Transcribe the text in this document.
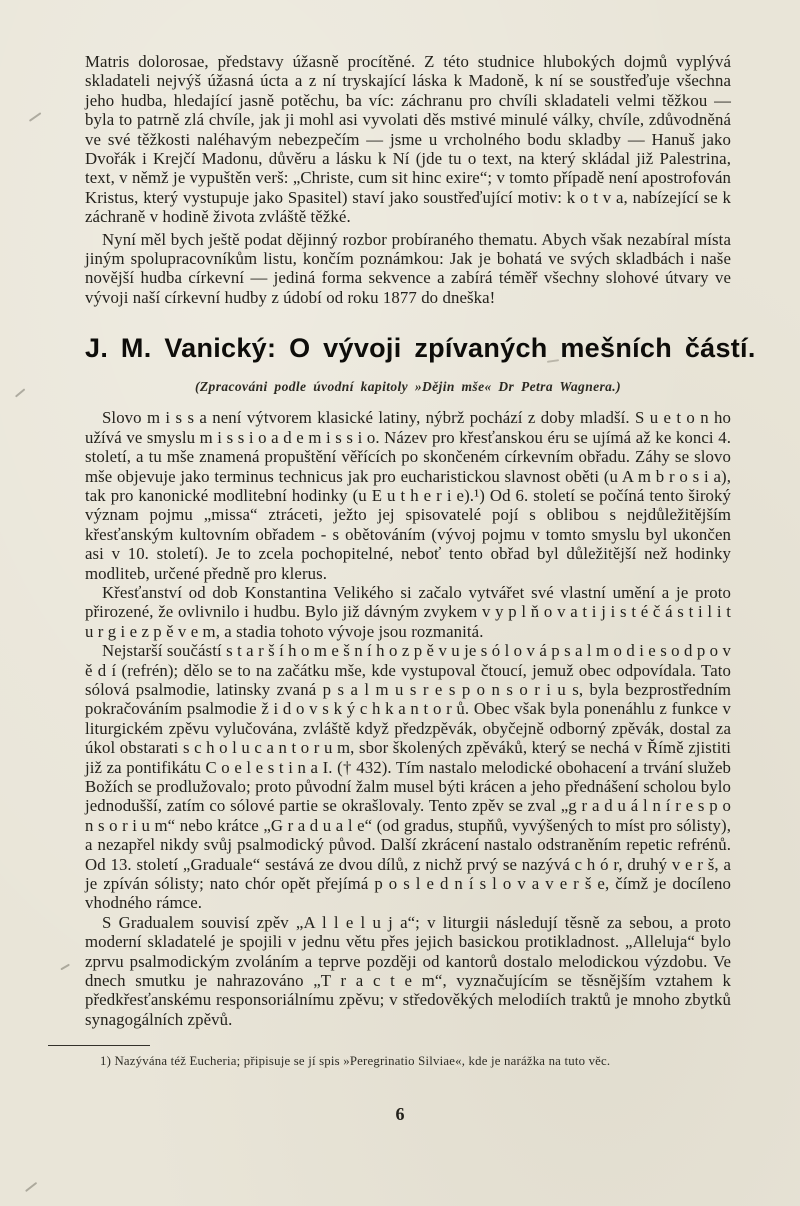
Matris dolorosae, představy úžasně procítěné. Z této studnice hlubokých dojmů vyplývá skladateli nejvýš úžasná úcta a z ní tryskající láska k Madoně, k ní se soustřeďuje všechna jeho hudba, hledající jasně potěchu, ba víc: záchranu pro chvíli skladateli velmi těžkou — byla to patrně zlá chvíle, jak ji mohl asi vyvolati děs mstivé minulé války, chvíle, zdůvodněná ve své těžkosti naléhavým nebezpečím — jsme u vrcholného bodu skladby — Hanuš jako Dvořák i Krejčí Madonu, důvěru a lásku k Ní (jde tu o text, na který skládal již Palestrina, text, v němž je vypuštěn verš: „Christe, cum sit hinc exire“; v tomto případě není apostrofován Kristus, který vystupuje jako Spasitel) staví jako soustřeďující motiv: k o t v a, nabízející se k záchraně v hodině života zvláště těžké.

Nyní měl bych ještě podat dějinný rozbor probíraného thematu. Abych však nezabíral místa jiným spolupracovníkům listu, končím poznámkou: Jak je bohatá ve svých skladbách i naše novější hudba církevní — jediná forma sekvence a zabírá téměř všechny slohové útvary ve vývoji naší církevní hudby z údobí od roku 1877 do dneška!

J. M. Vanický: O vývoji zpívaných mešních částí.
(Zpracováni podle úvodní kapitoly »Dějin mše« Dr Petra Wagnera.)

Slovo m i s s a není výtvorem klasické latiny, nýbrž pochází z doby mladší. S u e t o n ho užívá ve smyslu m i s s i o a d e m i s s i o. Název pro křesťanskou éru se ujímá až ke konci 4. století, a tu mše znamená propuštění věřících po skončeném církevním obřadu. Záhy se slovo mše objevuje jako terminus technicus jak pro eucharistickou slavnost oběti (u A m b r o s i a), tak pro kanonické modlitební hodinky (u E u t h e r i e).¹) Od 6. století se počíná tento široký význam pojmu „missa“ ztráceti, ježto jej spisovatelé pojí s oblibou s nejdůležitějším křesťanským kultovním obřadem - s obětováním (vývoj pojmu v tomto smyslu byl ukončen asi v 10. století). Je to zcela pochopitelné, neboť tento obřad byl důležitější než hodinky modliteb, určené předně pro klerus.

Křesťanství od dob Konstantina Velikého si začalo vytvářet své vlastní umění a je proto přirozené, že ovlivnilo i hudbu. Bylo již dávným zvykem v y p l ň o v a t i j i s t é č á s t i l i t u r g i e z p ě v e m, a stadia tohoto vývoje jsou rozmanitá.

Nejstarší součástí s t a r š í h o m e š n í h o z p ě v u je s ó l o v á p s a l m o d i e s o d p o v ě d í (refrén); dělo se to na začátku mše, kde vystupoval čtoucí, jemuž obec odpovídala. Tato sólová psalmodie, latinsky zvaná p s a l m u s r e s p o n s o r i u s, byla bezprostředním pokračováním psalmodie ž i d o v s k ý c h k a n t o r ů. Obec však byla ponenáhlu z funkce v liturgickém zpěvu vylučována, zvláště když předzpěvák, obyčejně odborný zpěvák, dostal za úkol obstarati s c h o l u c a n t o r u m, sbor školených zpěváků, který se nechá v Římě zjistiti již za pontifikátu C o e l e s t i n a I. († 432). Tím nastalo melodické obohacení a trvání služeb Božích se prodlužovalo; proto původní žalm musel býti krácen a jeho přednášení scholou bylo jednodušší, zatím co sólové partie se okrašlovaly. Tento zpěv se zval „g r a d u á l n í r e s p o n s o r i u m“ nebo krátce „G r a d u a l e“ (od gradus, stupňů, vyvýšených to míst pro sólisty), a nezapřel nikdy svůj psalmodický původ. Další zkrácení nastalo odstraněním repetic refrénů. Od 13. století „Graduale“ sestává ze dvou dílů, z nichž prvý se nazývá c h ó r, druhý v e r š, a je zpíván sólisty; nato chór opět přejímá p o s l e d n í s l o v a v e r š e, čímž je docíleno vhodného rámce.

S Gradualem souvisí zpěv „A l l e l u j a“; v liturgii následují těsně za sebou, a proto moderní skladatelé je spojili v jednu větu přes jejich basickou protikladnost. „Alleluja“ bylo zprvu psalmodickým zvoláním a teprve později od kantorů dostalo melodickou výzdobu. Ve dnech smutku je nahrazováno „T r a c t e m“, vyznačujícím se těsnějším vztahem k předkřesťanskému responsoriálnímu zpěvu; v středověkých melodiích traktů je mnoho zbytků synagogálních zpěvů.

1) Nazývána též Eucheria; připisuje se jí spis »Peregrinatio Silviae«, kde je narážka na tuto věc.

6
